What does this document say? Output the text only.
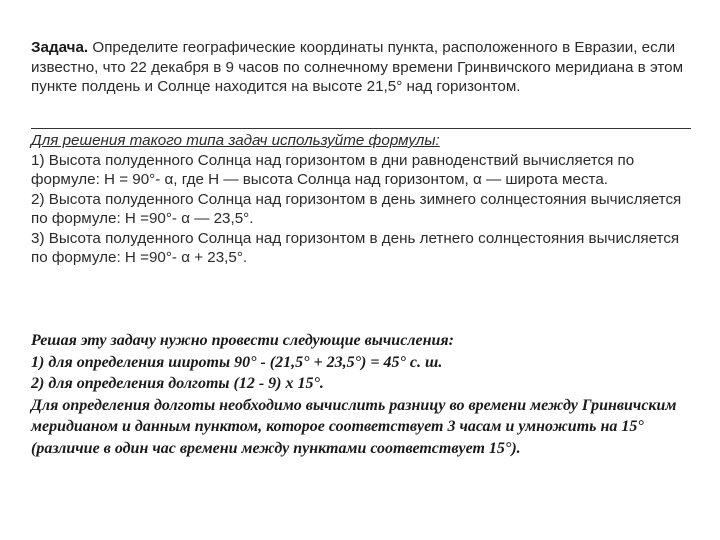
Задача. Определите географические координаты пункта, расположенного в Евразии, если известно, что 22 декабря в 9 часов по солнечному времени Гринвичского меридиана в этом пункте полдень и Солнце находится на высоте 21,5° над горизонтом.
Для решения такого типа задач используйте формулы:

1) Высота полуденного Солнца над горизонтом в дни равноденствий вычисляется по формуле: Н = 90°- α, где Н — высота Солнца над горизонтом, α — широта места.

2) Высота полуденного Солнца над горизонтом в день зимнего солнцестояния вычисляется по формуле: Н =90°- α — 23,5°.

3) Высота полуденного Солнца над горизонтом в день летнего солнцестояния вычисляется по формуле: Н =90°- α + 23,5°.

Решая эту задачу нужно провести следующие вычисления:

1) для определения широты 90° - (21,5° + 23,5°) = 45° с. ш.

2) для определения долготы (12 - 9) х 15°.

Для определения долготы необходимо вычислить разницу во времени между Гринвичским меридианом и данным пунктом, которое соответствует 3 часам и умножить на 15° (различие в один час времени между пунктами соответствует 15°).
